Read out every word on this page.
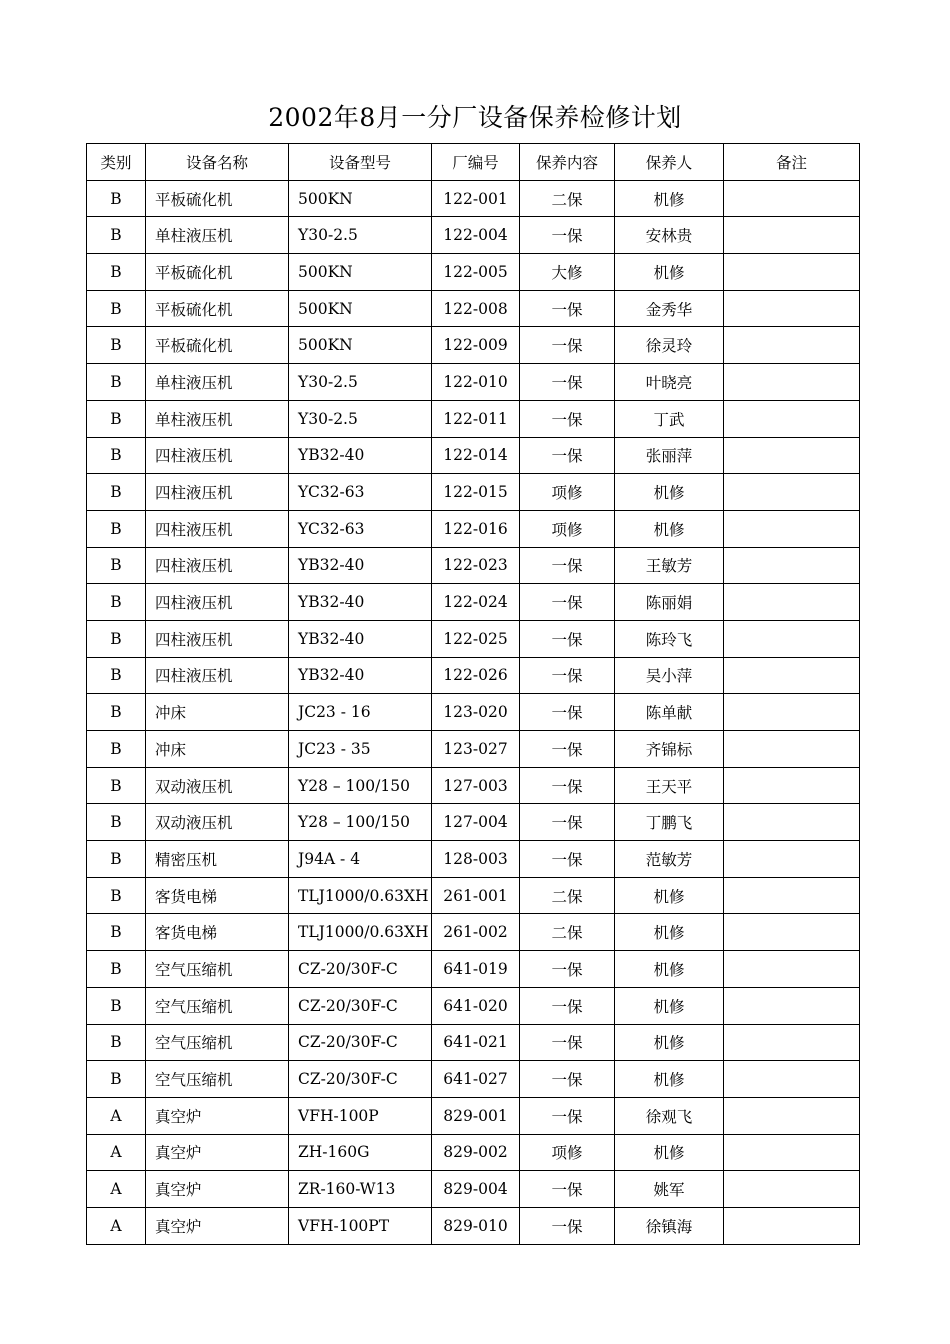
2002年8月一分厂设备保养检修计划
类别	设备名称	设备型号	厂编号	保养内容	保养人	备注
B	平板硫化机	500KN	122-001	二保	机修	
B	单柱液压机	Y30-2.5	122-004	一保	安林贵	
B	平板硫化机	500KN	122-005	大修	机修	
B	平板硫化机	500KN	122-008	一保	金秀华	
B	平板硫化机	500KN	122-009	一保	徐灵玲	
B	单柱液压机	Y30-2.5	122-010	一保	叶晓亮	
B	单柱液压机	Y30-2.5	122-011	一保	丁武	
B	四柱液压机	YB32-40	122-014	一保	张丽萍	
B	四柱液压机	YC32-63	122-015	项修	机修	
B	四柱液压机	YC32-63	122-016	项修	机修	
B	四柱液压机	YB32-40	122-023	一保	王敏芳	
B	四柱液压机	YB32-40	122-024	一保	陈丽娟	
B	四柱液压机	YB32-40	122-025	一保	陈玲飞	
B	四柱液压机	YB32-40	122-026	一保	吴小萍	
B	冲床	JC23 - 16	123-020	一保	陈单献	
B	冲床	JC23 - 35	123-027	一保	齐锦标	
B	双动液压机	Y28 – 100/150	127-003	一保	王天平	
B	双动液压机	Y28 – 100/150	127-004	一保	丁鹏飞	
B	精密压机	J94A - 4	128-003	一保	范敏芳	
B	客货电梯	TLJ1000/0.63XH	261-001	二保	机修	
B	客货电梯	TLJ1000/0.63XH	261-002	二保	机修	
B	空气压缩机	CZ-20/30F-C	641-019	一保	机修	
B	空气压缩机	CZ-20/30F-C	641-020	一保	机修	
B	空气压缩机	CZ-20/30F-C	641-021	一保	机修	
B	空气压缩机	CZ-20/30F-C	641-027	一保	机修	
A	真空炉	VFH-100P	829-001	一保	徐观飞	
A	真空炉	ZH-160G	829-002	项修	机修	
A	真空炉	ZR-160-W13	829-004	一保	姚军	
A	真空炉	VFH-100PT	829-010	一保	徐镇海	
